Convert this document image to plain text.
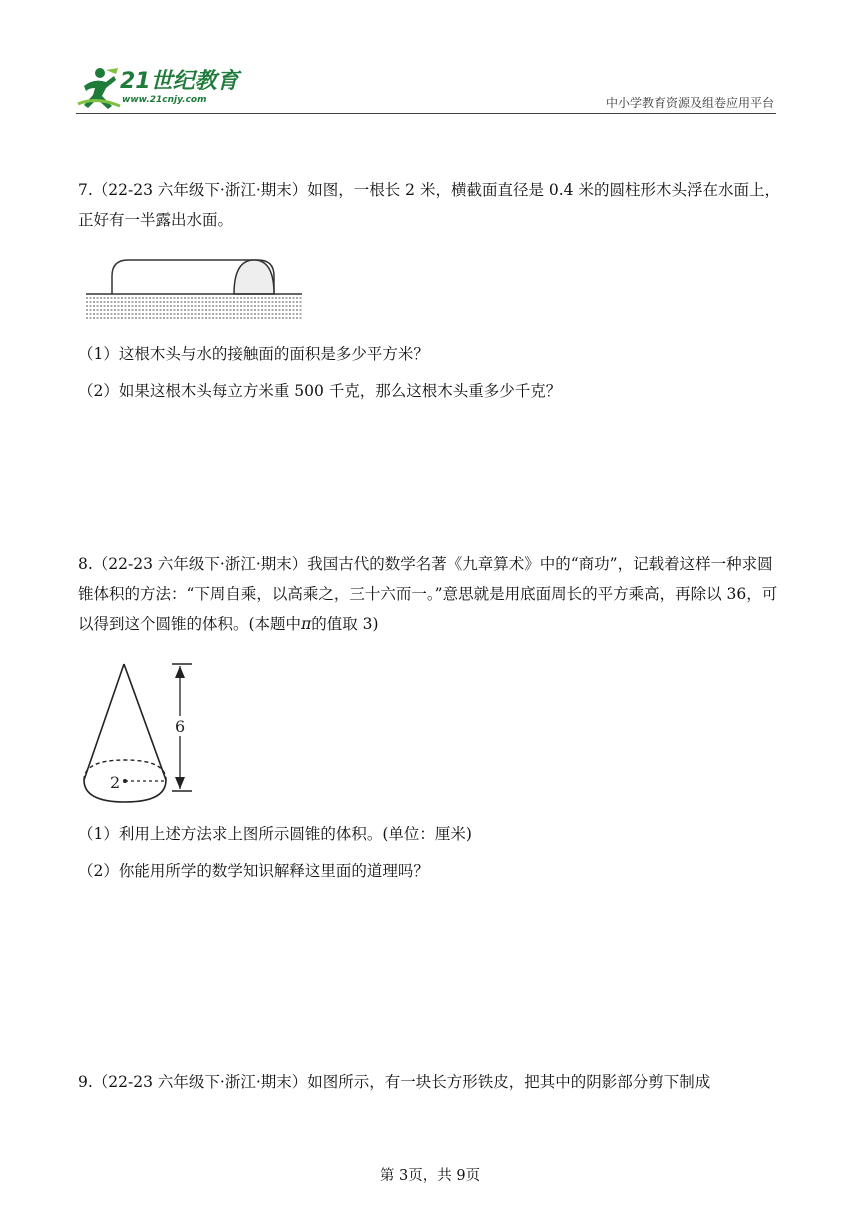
21世纪教育
www.21cnjy.com	中小学教育资源及组卷应用平台

7.（22-23 六年级下·浙江·期末）如图，一根长 2 米，横截面直径是 0.4 米的圆柱形木头浮在水面上，正好有一半露出水面。

（1）这根木头与水的接触面的面积是多少平方米？
（2）如果这根木头每立方米重 500 千克，那么这根木头重多少千克？

8.（22-23 六年级下·浙江·期末）我国古代的数学名著《九章算术》中的“商功”，记载着这样一种求圆锥体积的方法：“下周自乘，以高乘之，三十六而一。”意思就是用底面周长的平方乘高，再除以 36，可以得到这个圆锥的体积。(本题中π的值取 3)

2
6
（1）利用上述方法求上图所示圆锥的体积。(单位：厘米)
（2）你能用所学的数学知识解释这里面的道理吗？

9.（22-23 六年级下·浙江·期末）如图所示，有一块长方形铁皮，把其中的阴影部分剪下制成

第 3页，共 9页
